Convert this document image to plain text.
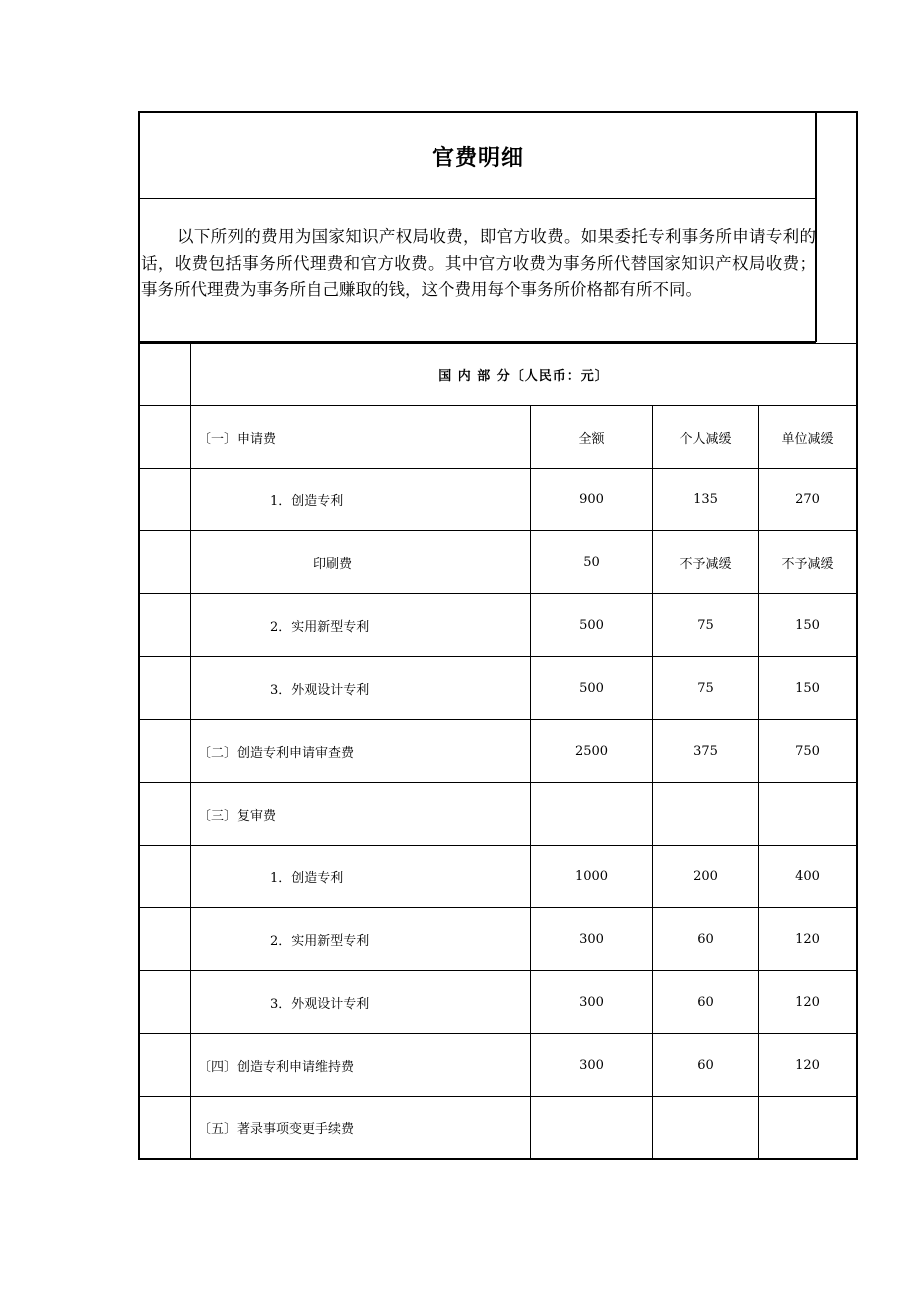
官费明细
以下所列的费用为国家知识产权局收费，即官方收费。如果委托专利事务所申请专利的话，收费包括事务所代理费和官方收费。其中官方收费为事务所代替国家知识产权局收费；事务所代理费为事务所自己赚取的钱，这个费用每个事务所价格都有所不同。
国 内 部 分〔人民币：元〕
〔一〕申请费	全额	个人减缓	单位减缓
1．创造专利	900	135	270
印刷费	50	不予减缓	不予减缓
2．实用新型专利	500	75	150
3．外观设计专利	500	75	150
〔二〕创造专利申请审查费	2500	375	750
〔三〕复审费
1．创造专利	1000	200	400
2．实用新型专利	300	60	120
3．外观设计专利	300	60	120
〔四〕创造专利申请维持费	300	60	120
〔五〕著录事项变更手续费
